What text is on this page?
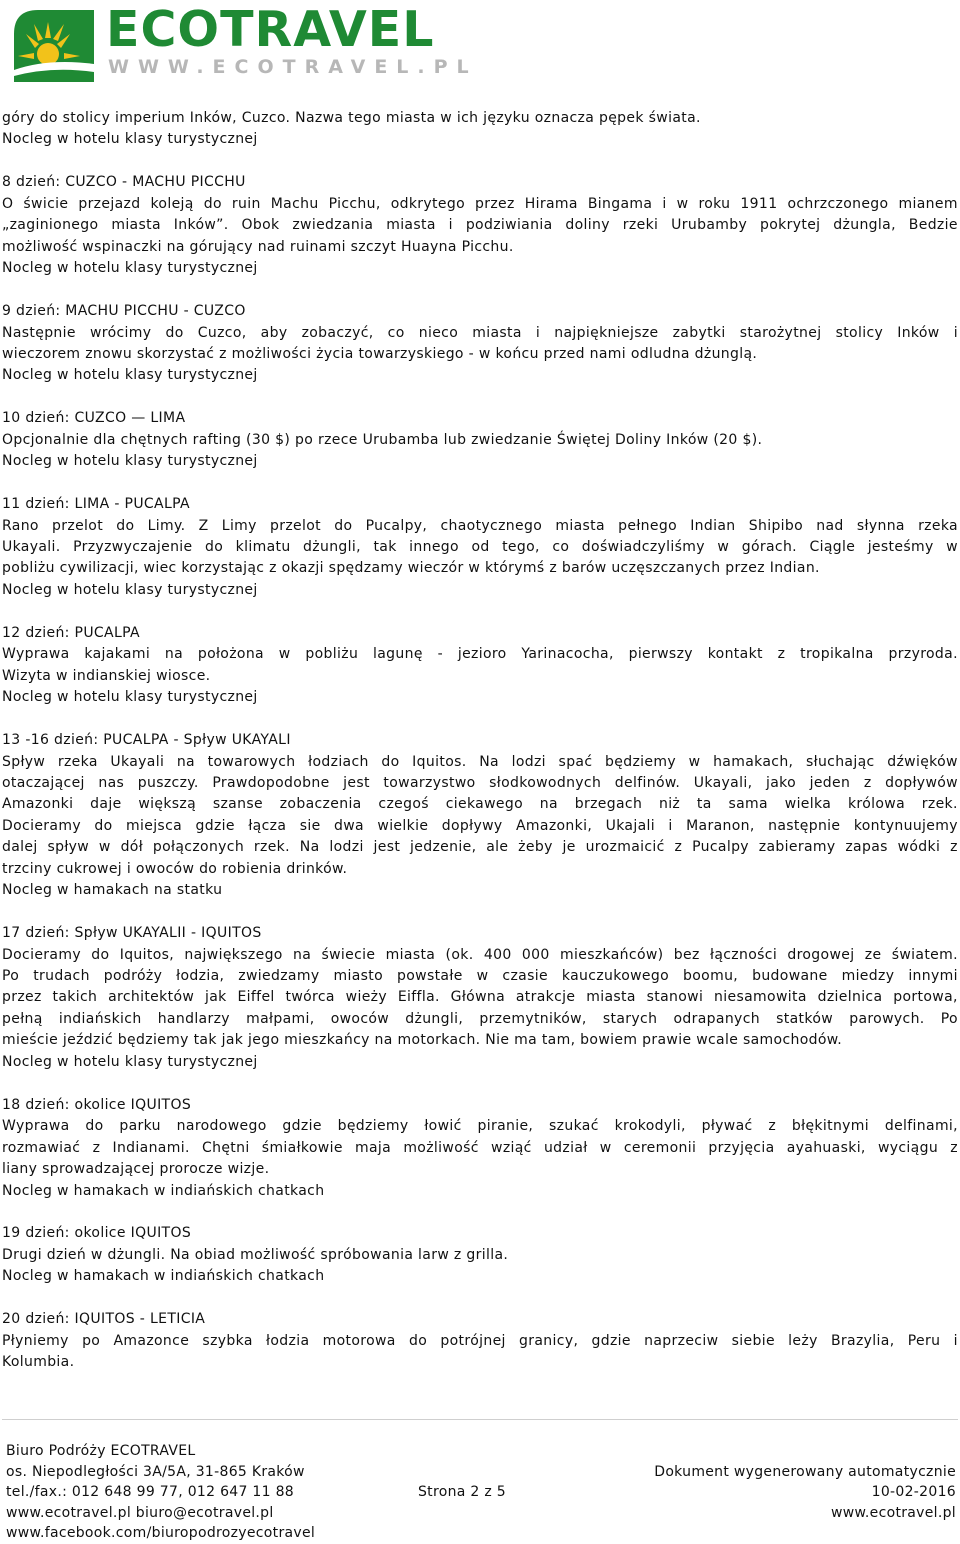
ECOTRAVEL
WWW.ECOTRAVEL.PL
góry do stolicy imperium Inków, Cuzco. Nazwa tego miasta w ich języku oznacza pępek świata.
Nocleg w hotelu klasy turystycznej
8 dzień: CUZCO - MACHU PICCHU
O świcie przejazd koleją do ruin Machu Picchu, odkrytego przez Hirama Bingama i w roku 1911 ochrzczonego mianem
„zaginionego miasta Inków”. Obok zwiedzania miasta i podziwiania doliny rzeki Urubamby pokrytej dżungla, Bedzie
możliwość wspinaczki na górujący nad ruinami szczyt Huayna Picchu.
Nocleg w hotelu klasy turystycznej
9 dzień: MACHU PICCHU - CUZCO
Następnie wrócimy do Cuzco, aby zobaczyć, co nieco miasta i najpiękniejsze zabytki starożytnej stolicy Inków i
wieczorem znowu skorzystać z możliwości życia towarzyskiego - w końcu przed nami odludna dżunglą.
Nocleg w hotelu klasy turystycznej
10 dzień: CUZCO — LIMA
Opcjonalnie dla chętnych rafting (30 $) po rzece Urubamba lub zwiedzanie Świętej Doliny Inków (20 $).
Nocleg w hotelu klasy turystycznej
11 dzień: LIMA - PUCALPA
Rano przelot do Limy. Z Limy przelot do Pucalpy, chaotycznego miasta pełnego Indian Shipibo nad słynna rzeka
Ukayali. Przyzwyczajenie do klimatu dżungli, tak innego od tego, co doświadczyliśmy w górach. Ciągle jesteśmy w
pobliżu cywilizacji, wiec korzystając z okazji spędzamy wieczór w którymś z barów uczęszczanych przez Indian.
Nocleg w hotelu klasy turystycznej
12 dzień: PUCALPA
Wyprawa kajakami na położona w pobliżu lagunę - jezioro Yarinacocha, pierwszy kontakt z tropikalna przyroda.
Wizyta w indianskiej wiosce.
Nocleg w hotelu klasy turystycznej
13 -16 dzień: PUCALPA - Spływ UKAYALI
Spływ rzeka Ukayali na towarowych łodziach do Iquitos. Na lodzi spać będziemy w hamakach, słuchając dźwięków
otaczającej nas puszczy. Prawdopodobne jest towarzystwo słodkowodnych delfinów. Ukayali, jako jeden z dopływów
Amazonki daje większą szanse zobaczenia czegoś ciekawego na brzegach niż ta sama wielka królowa rzek.
Docieramy do miejsca gdzie łącza sie dwa wielkie dopływy Amazonki, Ukajali i Maranon, następnie kontynuujemy
dalej spływ w dół połączonych rzek. Na lodzi jest jedzenie, ale żeby je urozmaicić z Pucalpy zabieramy zapas wódki z
trzciny cukrowej i owoców do robienia drinków.
Nocleg w hamakach na statku
17 dzień: Spływ UKAYALII - IQUITOS
Docieramy do Iquitos, największego na świecie miasta (ok. 400 000 mieszkańców) bez łączności drogowej ze światem.
Po trudach podróży łodzia, zwiedzamy miasto powstałe w czasie kauczukowego boomu, budowane miedzy innymi
przez takich architektów jak Eiffel twórca wieży Eiffla. Główna atrakcje miasta stanowi niesamowita dzielnica portowa,
pełną indiańskich handlarzy małpami, owoców dżungli, przemytników, starych odrapanych statków parowych. Po
mieście jeździć będziemy tak jak jego mieszkańcy na motorkach. Nie ma tam, bowiem prawie wcale samochodów.
Nocleg w hotelu klasy turystycznej
18 dzień: okolice IQUITOS
Wyprawa do parku narodowego gdzie będziemy łowić piranie, szukać krokodyli, pływać z błękitnymi delfinami,
rozmawiać z Indianami. Chętni śmiałkowie maja możliwość wziąć udział w ceremonii przyjęcia ayahuaski, wyciągu z
liany sprowadzającej prorocze wizje.
Nocleg w hamakach w indiańskich chatkach
19 dzień: okolice IQUITOS
Drugi dzień w dżungli. Na obiad możliwość spróbowania larw z grilla.
Nocleg w hamakach w indiańskich chatkach
20 dzień: IQUITOS - LETICIA
Płyniemy po Amazonce szybka łodzia motorowa do potrójnej granicy, gdzie naprzeciw siebie leży Brazylia, Peru i
Kolumbia.
Biuro Podróży ECOTRAVEL
os. Niepodległości 3A/5A, 31-865 Kraków
tel./fax.: 012 648 99 77, 012 647 11 88
www.ecotravel.pl biuro@ecotravel.pl
www.facebook.com/biuropodrozyecotravel
Strona 2 z 5
Dokument wygenerowany automatycznie
10-02-2016
www.ecotravel.pl
